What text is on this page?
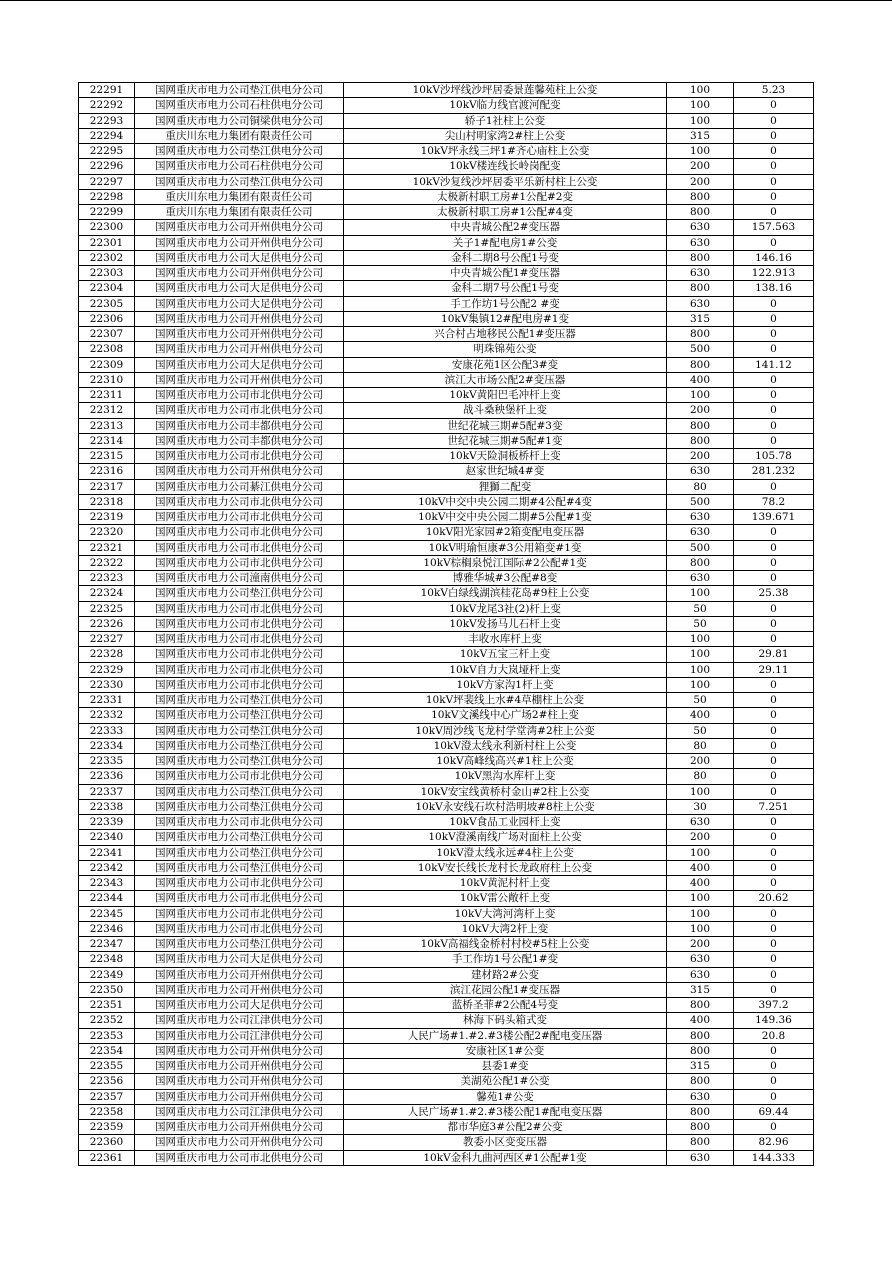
22291	国网重庆市电力公司垫江供电分公司	10kV沙坪线沙坪居委景莲馨苑柱上公变	100	5.23
22292	国网重庆市电力公司石柱供电分公司	10kV临力线官渡河配变	100	0
22293	国网重庆市电力公司铜梁供电分公司	轿子1社柱上公变	100	0
22294	重庆川东电力集团有限责任公司	尖山村明家湾2#柱上公变	315	0
22295	国网重庆市电力公司垫江供电分公司	10kV坪永线三坪1#齐心庙柱上公变	100	0
22296	国网重庆市电力公司石柱供电分公司	10kV楼连线长岭岗配变	200	0
22297	国网重庆市电力公司垫江供电分公司	10kV沙复线沙坪居委平乐新村柱上公变	200	0
22298	重庆川东电力集团有限责任公司	太极新村职工房#1公配#2变	800	0
22299	重庆川东电力集团有限责任公司	太极新村职工房#1公配#4变	800	0
22300	国网重庆市电力公司开州供电分公司	中央青城公配2#变压器	630	157.563
22301	国网重庆市电力公司开州供电分公司	关子1#配电房1#公变	630	0
22302	国网重庆市电力公司大足供电分公司	金科二期8号公配1号变	800	146.16
22303	国网重庆市电力公司开州供电分公司	中央青城公配1#变压器	630	122.913
22304	国网重庆市电力公司大足供电分公司	金科二期7号公配1号变	800	138.16
22305	国网重庆市电力公司大足供电分公司	手工作坊1号公配2 #变	630	0
22306	国网重庆市电力公司开州供电分公司	10kV集镇12#配电房#1变	315	0
22307	国网重庆市电力公司开州供电分公司	兴合村占地移民公配1#变压器	800	0
22308	国网重庆市电力公司开州供电分公司	明珠锦苑公变	500	0
22309	国网重庆市电力公司大足供电分公司	安康花苑1区公配3#变	800	141.12
22310	国网重庆市电力公司开州供电分公司	滨江大市场公配2#变压器	400	0
22311	国网重庆市电力公司市北供电分公司	10kV黄阳巴毛冲杆上变	100	0
22312	国网重庆市电力公司市北供电分公司	战斗桑秧堡杆上变	200	0
22313	国网重庆市电力公司丰都供电分公司	世纪花城三期#5配#3变	800	0
22314	国网重庆市电力公司丰都供电分公司	世纪花城三期#5配#1变	800	0
22315	国网重庆市电力公司市北供电分公司	10kV天险洞板桥杆上变	200	105.78
22316	国网重庆市电力公司开州供电分公司	赵家世纪城4#变	630	281.232
22317	国网重庆市电力公司綦江供电分公司	狸獅二配变	80	0
22318	国网重庆市电力公司市北供电分公司	10kV中交中央公园二期#4公配#4变	500	78.2
22319	国网重庆市电力公司市北供电分公司	10kV中交中央公园二期#5公配#1变	630	139.671
22320	国网重庆市电力公司市北供电分公司	10kV阳光家园#2箱变配电变压器	630	0
22321	国网重庆市电力公司市北供电分公司	10kV明瑜恒康#3公用箱变#1变	500	0
22322	国网重庆市电力公司市北供电分公司	10kV棕榈泉悦江国际#2公配#1变	800	0
22323	国网重庆市电力公司潼南供电分公司	博雅华城#3公配#8变	630	0
22324	国网重庆市电力公司垫江供电分公司	10kV白绿线湖滨桂花岛#9柱上公变	100	25.38
22325	国网重庆市电力公司市北供电分公司	10kV龙尾3社(2)杆上变	50	0
22326	国网重庆市电力公司市北供电分公司	10kV发扬马儿石杆上变	50	0
22327	国网重庆市电力公司市北供电分公司	丰收水库杆上变	100	0
22328	国网重庆市电力公司市北供电分公司	10kV五宝三杆上变	100	29.81
22329	国网重庆市电力公司市北供电分公司	10kV自力大岚垭杆上变	100	29.11
22330	国网重庆市电力公司市北供电分公司	10kV方家沟1杆上变	100	0
22331	国网重庆市电力公司垫江供电分公司	10kV坪裴线上水#4草棚柱上公变	50	0
22332	国网重庆市电力公司垫江供电分公司	10kV文溪线中心广场2#柱上变	400	0
22333	国网重庆市电力公司垫江供电分公司	10kV周沙线飞龙村学堂湾#2柱上公变	50	0
22334	国网重庆市电力公司垫江供电分公司	10kV澄太线永利新村柱上公变	80	0
22335	国网重庆市电力公司垫江供电分公司	10kV高峰线高兴#1柱上公变	200	0
22336	国网重庆市电力公司市北供电分公司	10kV黑沟水库杆上变	80	0
22337	国网重庆市电力公司垫江供电分公司	10kV安宝线黄桥村金山#2柱上公变	100	0
22338	国网重庆市电力公司垫江供电分公司	10kV永安线石坎村浩明坡#8柱上公变	30	7.251
22339	国网重庆市电力公司市北供电分公司	10kV食品工业园杆上变	630	0
22340	国网重庆市电力公司垫江供电分公司	10kV澄溪南线广场对面柱上公变	200	0
22341	国网重庆市电力公司垫江供电分公司	10kV澄太线永远#4柱上公变	100	0
22342	国网重庆市电力公司垫江供电分公司	10kV安长线长龙村长龙政府柱上公变	400	0
22343	国网重庆市电力公司市北供电分公司	10kV黄泥村杆上变	400	0
22344	国网重庆市电力公司市北供电分公司	10kV雷公敞杆上变	100	20.62
22345	国网重庆市电力公司市北供电分公司	10kV大湾河湾杆上变	100	0
22346	国网重庆市电力公司市北供电分公司	10kV大湾2杆上变	100	0
22347	国网重庆市电力公司垫江供电分公司	10kV高福线金桥村村校#5柱上公变	200	0
22348	国网重庆市电力公司大足供电分公司	手工作坊1号公配1#变	630	0
22349	国网重庆市电力公司开州供电分公司	建材路2#公变	630	0
22350	国网重庆市电力公司开州供电分公司	滨江花园公配1#变压器	315	0
22351	国网重庆市电力公司大足供电分公司	蓝桥圣菲#2公配4号变	800	397.2
22352	国网重庆市电力公司江津供电分公司	林海下码头箱式变	400	149.36
22353	国网重庆市电力公司江津供电分公司	人民广场#1.#2.#3楼公配2#配电变压器	800	20.8
22354	国网重庆市电力公司开州供电分公司	安康社区1#公变	800	0
22355	国网重庆市电力公司开州供电分公司	县委1#变	315	0
22356	国网重庆市电力公司开州供电分公司	美湖苑公配1#公变	800	0
22357	国网重庆市电力公司开州供电分公司	馨苑1#公变	630	0
22358	国网重庆市电力公司江津供电分公司	人民广场#1.#2.#3楼公配1#配电变压器	800	69.44
22359	国网重庆市电力公司开州供电分公司	都市华庭3#公配2#公变	800	0
22360	国网重庆市电力公司开州供电分公司	教委小区变变压器	800	82.96
22361	国网重庆市电力公司市北供电分公司	10kV金科九曲河西区#1公配#1变	630	144.333
